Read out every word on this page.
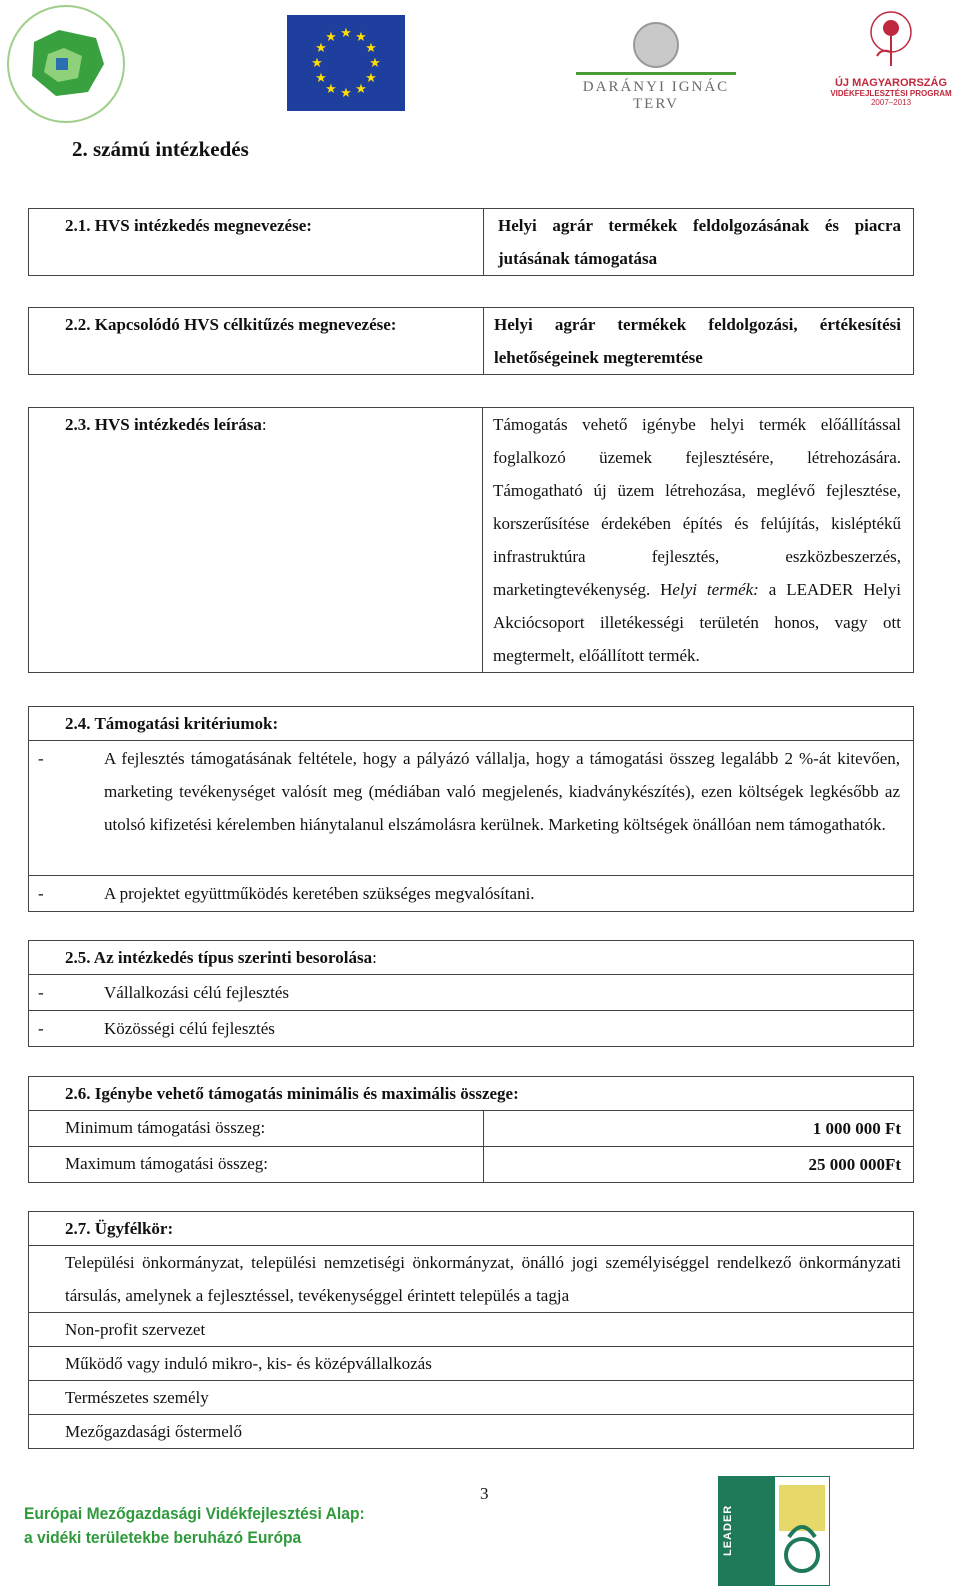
★ ★
★
★
★
★
★
★
★
★
★
★
DARÁNYI IGNÁC TERV
ÚJ MAGYARORSZÁG
VIDÉKFEJLESZTÉSI PROGRAM
2007–2013
2. számú intézkedés
2.1. HVS intézkedés megnevezése:	Helyi agrár termékek feldolgozásának és piacra jutásának támogatása
2.2. Kapcsolódó HVS célkitűzés megnevezése:	Helyi agrár termékek feldolgozási, értékesítési lehetőségeinek megteremtése
2.3. HVS intézkedés leírása:	Támogatás vehető igénybe helyi termék előállítással foglalkozó üzemek fejlesztésére, létrehozására. Támogatható új üzem létrehozása, meglévő fejlesztése, korszerűsítése érdekében építés és felújítás, kisléptékű infrastruktúra fejlesztés, eszközbeszerzés, marketingtevékenység. Helyi termék: a LEADER Helyi Akciócsoport illetékességi területén honos, vagy ott megtermelt, előállított termék.
2.4. Támogatási kritériumok:

-	A fejlesztés támogatásának feltétele, hogy a pályázó vállalja, hogy a támogatási összeg legalább 2 %-át kitevően, marketing tevékenységet valósít meg (médiában való megjelenés, kiadványkészítés), ezen költségek legkésőbb az utolsó kifizetési kérelemben hiánytalanul elszámolásra kerülnek. Marketing költségek önállóan nem támogathatók.

-	A projektet együttműködés keretében szükséges megvalósítani.
2.5. Az intézkedés típus szerinti besorolása:

-	Vállalkozási célú fejlesztés

-	Közösségi célú fejlesztés
2.6. Igénybe vehető támogatás minimális és maximális összege:	
Minimum támogatási összeg:	1 000 000 Ft
Maximum támogatási összeg:	25 000 000Ft
2.7. Ügyfélkör:
Települési önkormányzat, települési nemzetiségi önkormányzat, önálló jogi személyiséggel rendelkező önkormányzati társulás, amelynek a fejlesztéssel, tevékenységgel érintett település a tagja
Non-profit szervezet
Működő vagy induló mikro-, kis- és középvállalkozás
Természetes személy
Mezőgazdasági őstermelő
Európai Mezőgazdasági Vidékfejlesztési Alap:
a vidéki területekbe beruházó Európa
3
LEADER
